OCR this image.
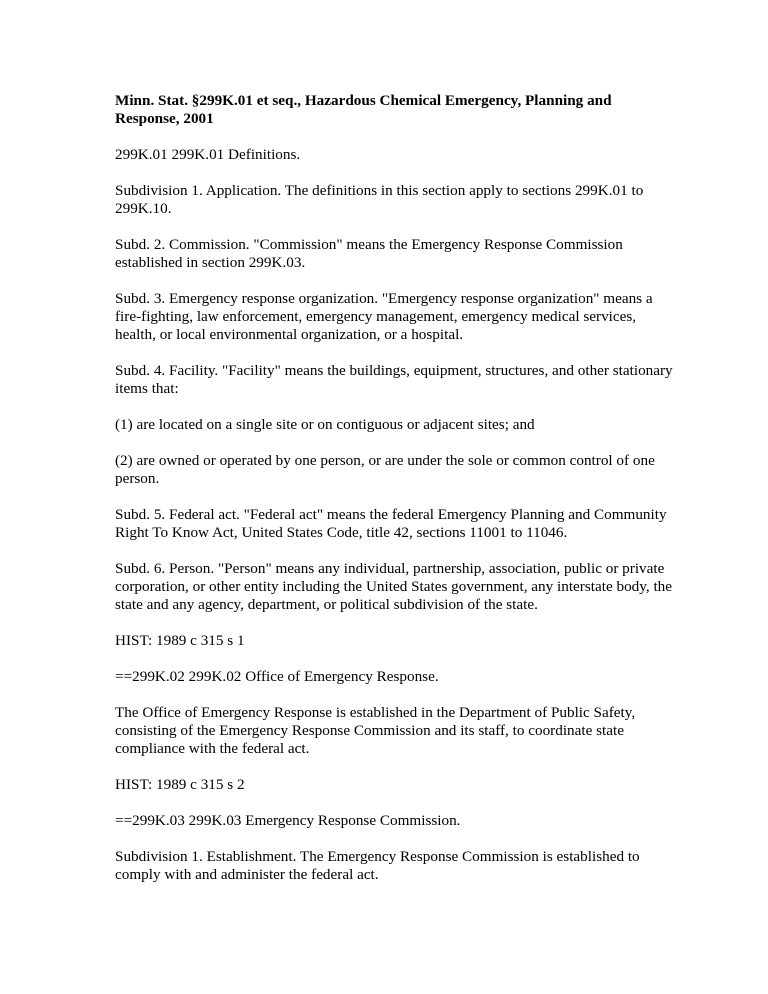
Minn. Stat. §299K.01 et seq., Hazardous Chemical Emergency, Planning and Response, 2001

299K.01 299K.01 Definitions.

Subdivision 1. Application. The definitions in this section apply to sections 299K.01 to 299K.10.

Subd. 2. Commission. "Commission" means the Emergency Response Commission established in section 299K.03.

Subd. 3. Emergency response organization. "Emergency response organization" means a fire-fighting, law enforcement, emergency management, emergency medical services, health, or local environmental organization, or a hospital.

Subd. 4. Facility. "Facility" means the buildings, equipment, structures, and other stationary items that:

(1) are located on a single site or on contiguous or adjacent sites; and

(2) are owned or operated by one person, or are under the sole or common control of one person.

Subd. 5. Federal act. "Federal act" means the federal Emergency Planning and Community Right To Know Act, United States Code, title 42, sections 11001 to 11046.

Subd. 6. Person. "Person" means any individual, partnership, association, public or private corporation, or other entity including the United States government, any interstate body, the state and any agency, department, or political subdivision of the state.

HIST: 1989 c 315 s 1

==299K.02 299K.02 Office of Emergency Response.

The Office of Emergency Response is established in the Department of Public Safety, consisting of the Emergency Response Commission and its staff, to coordinate state compliance with the federal act.

HIST: 1989 c 315 s 2

==299K.03 299K.03 Emergency Response Commission.

Subdivision 1. Establishment. The Emergency Response Commission is established to comply with and administer the federal act.
